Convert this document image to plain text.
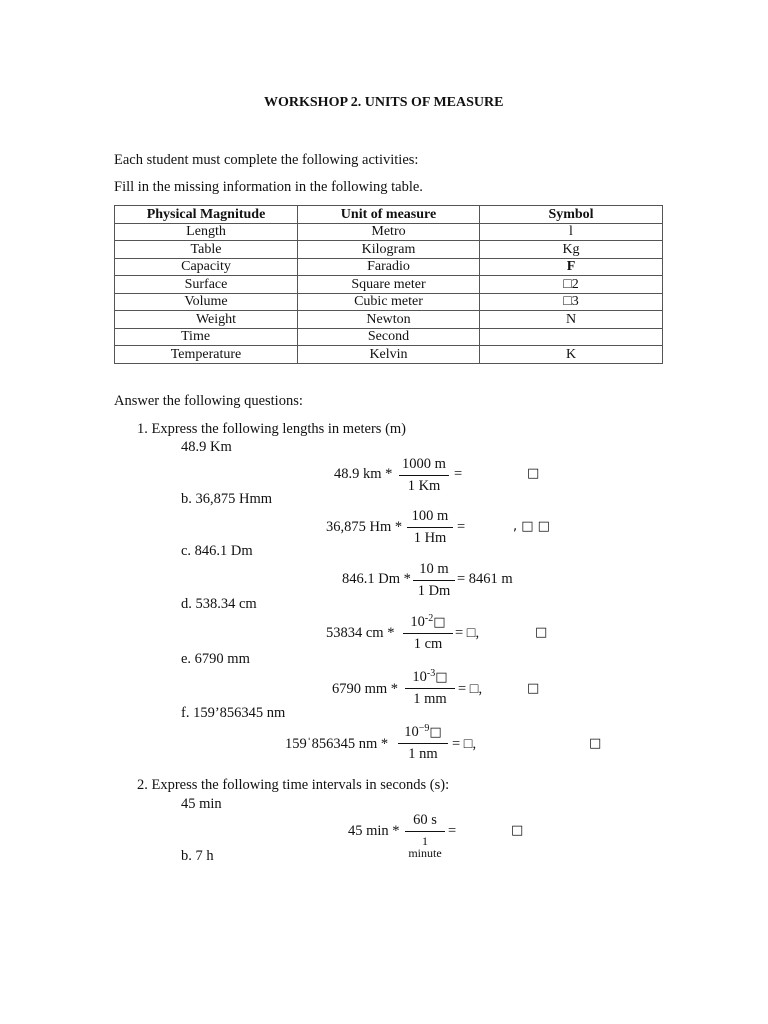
WORKSHOP 2. UNITS OF MEASURE
Each student must complete the following activities:
Fill in the missing information in the following table.
Physical Magnitude	Unit of measure	Symbol
Length	Metro	l
Table	Kilogram	Kg
Capacity	Faradio	F
Surface	Square meter	□2
Volume	Cubic meter	□3
Weight	Newton	N
Time	Second	
Temperature	Kelvin	K
Answer the following questions:
1. Express the following lengths in meters (m)
48.9 Km
48.9 km *
1000 m
1 Km
=	□
b. 36,875 Hmm
36,875 Hm *
100 m
1 Hm
=	, □ □
c. 846.1 Dm
846.1 Dm *
10 m
1 Dm
= 8461 m
d. 538.34 cm
53834 cm *
$10^{-2}□$
1 cm
= □,	□
e. 6790 mm
6790 mm *
$10^{-3}□$
1 mm
= □,	□
f. 159’856345 nm
159ˈ856345 nm *
$10^{-9}□$
1 nm
= □,	□
2. Express the following time intervals in seconds (s):
45 min
45 min *
60 s
1 minute
=	□
b. 7 h
